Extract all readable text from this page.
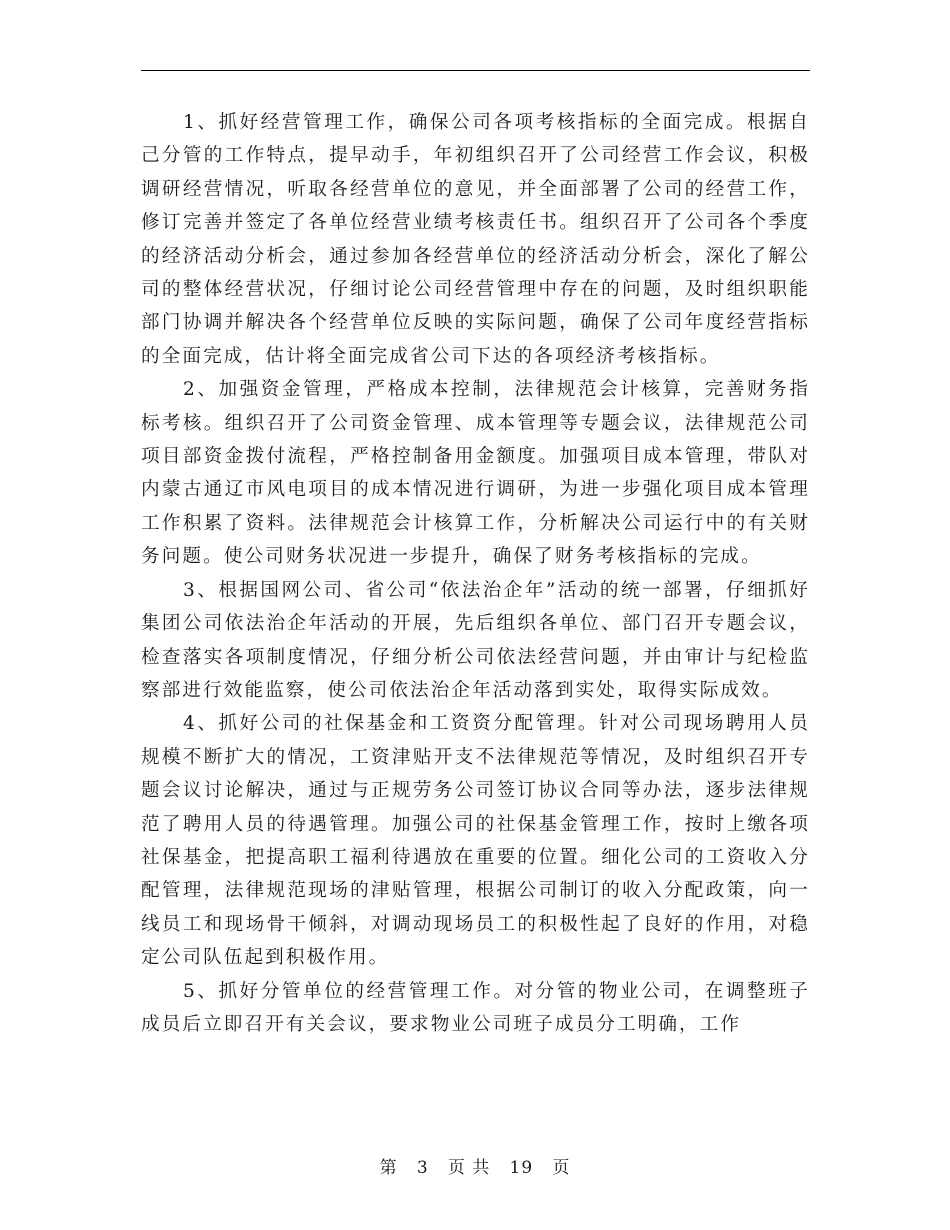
1、抓好经营管理工作，确保公司各项考核指标的全面完成。根据自己分管的工作特点，提早动手，年初组织召开了公司经营工作会议，积极调研经营情况，听取各经营单位的意见，并全面部署了公司的经营工作，修订完善并签定了各单位经营业绩考核责任书。组织召开了公司各个季度的经济活动分析会，通过参加各经营单位的经济活动分析会，深化了解公司的整体经营状况，仔细讨论公司经营管理中存在的问题，及时组织职能部门协调并解决各个经营单位反映的实际问题，确保了公司年度经营指标的全面完成，估计将全面完成省公司下达的各项经济考核指标。

2、加强资金管理，严格成本控制，法律规范会计核算，完善财务指标考核。组织召开了公司资金管理、成本管理等专题会议，法律规范公司项目部资金拨付流程，严格控制备用金额度。加强项目成本管理，带队对内蒙古通辽市风电项目的成本情况进行调研，为进一步强化项目成本管理工作积累了资料。法律规范会计核算工作，分析解决公司运行中的有关财务问题。使公司财务状况进一步提升，确保了财务考核指标的完成。

3、根据国网公司、省公司“依法治企年”活动的统一部署，仔细抓好集团公司依法治企年活动的开展，先后组织各单位、部门召开专题会议，检查落实各项制度情况，仔细分析公司依法经营问题，并由审计与纪检监察部进行效能监察，使公司依法治企年活动落到实处，取得实际成效。

4、抓好公司的社保基金和工资资分配管理。针对公司现场聘用人员规模不断扩大的情况，工资津贴开支不法律规范等情况，及时组织召开专题会议讨论解决，通过与正规劳务公司签订协议合同等办法，逐步法律规范了聘用人员的待遇管理。加强公司的社保基金管理工作，按时上缴各项社保基金，把提高职工福利待遇放在重要的位置。细化公司的工资收入分配管理，法律规范现场的津贴管理，根据公司制订的收入分配政策，向一线员工和现场骨干倾斜，对调动现场员工的积极性起了良好的作用，对稳定公司队伍起到积极作用。

5、抓好分管单位的经营管理工作。对分管的物业公司，在调整班子成员后立即召开有关会议，要求物业公司班子成员分工明确，工作

第 3 页 共 19 页
